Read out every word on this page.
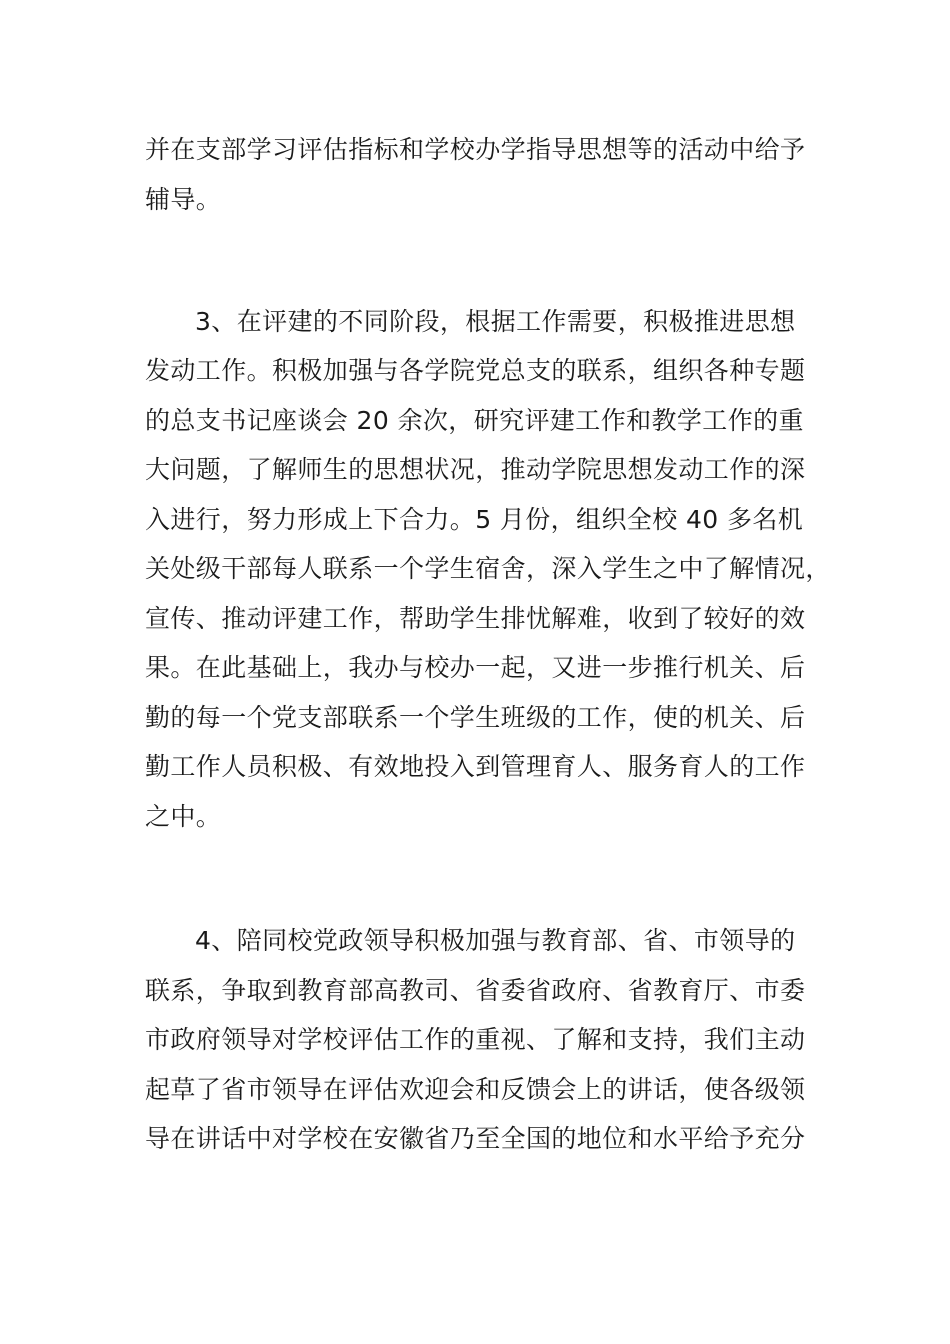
并在支部学习评估指标和学校办学指导思想等的活动中给予
辅导。
3、在评建的不同阶段，根据工作需要，积极推进思想
发动工作。积极加强与各学院党总支的联系，组织各种专题
的总支书记座谈会 20 余次，研究评建工作和教学工作的重
大问题，了解师生的思想状况，推动学院思想发动工作的深
入进行，努力形成上下合力。5 月份，组织全校 40 多名机
关处级干部每人联系一个学生宿舍，深入学生之中了解情况，
宣传、推动评建工作，帮助学生排忧解难，收到了较好的效
果。在此基础上，我办与校办一起，又进一步推行机关、后
勤的每一个党支部联系一个学生班级的工作，使的机关、后
勤工作人员积极、有效地投入到管理育人、服务育人的工作
之中。
4、陪同校党政领导积极加强与教育部、省、市领导的
联系，争取到教育部高教司、省委省政府、省教育厅、市委
市政府领导对学校评估工作的重视、了解和支持，我们主动
起草了省市领导在评估欢迎会和反馈会上的讲话，使各级领
导在讲话中对学校在安徽省乃至全国的地位和水平给予充分
